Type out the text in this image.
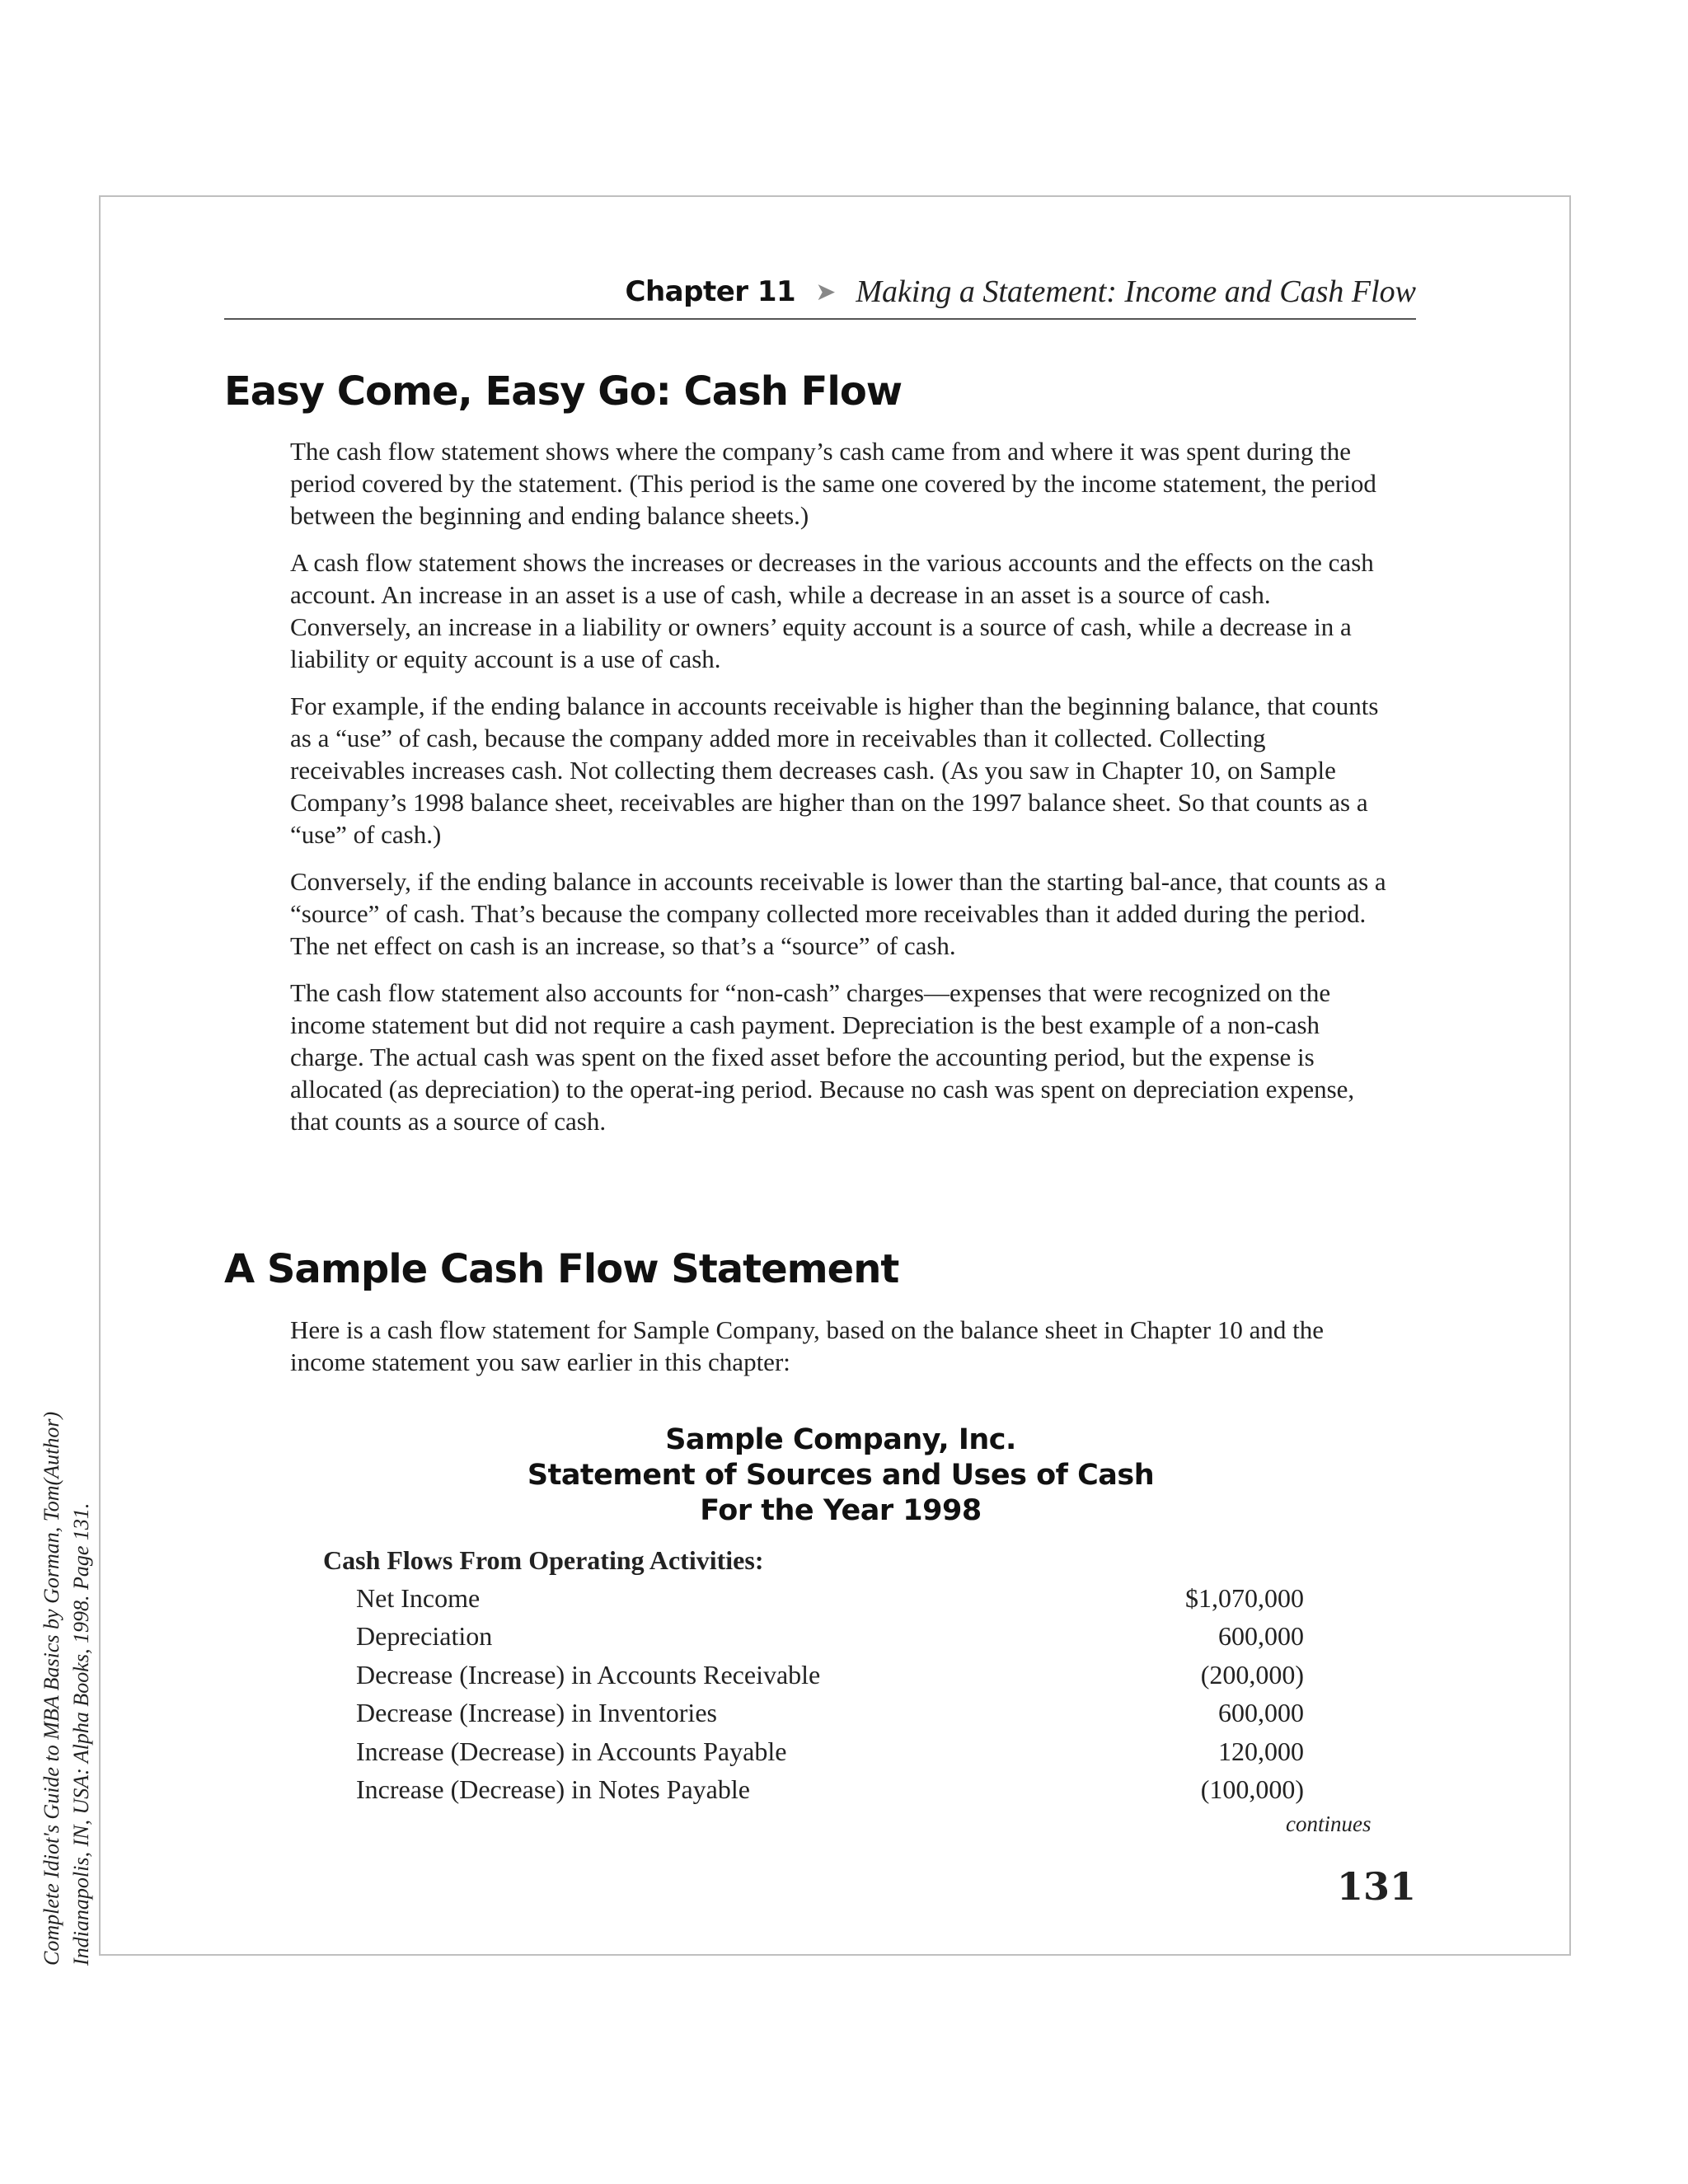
Complete Idiot's Guide to MBA Basics by Gorman, Tom(Author) Indianapolis, IN, USA: Alpha Books, 1998. Page 131.
Chapter 11 ➤ Making a Statement: Income and Cash Flow
Easy Come, Easy Go: Cash Flow

The cash flow statement shows where the company’s cash came from and where it was spent during the period covered by the statement. (This period is the same one covered by the income statement, the period between the beginning and ending balance sheets.)

A cash flow statement shows the increases or decreases in the various accounts and the effects on the cash account. An increase in an asset is a use of cash, while a decrease in an asset is a source of cash. Conversely, an increase in a liability or owners’ equity account is a source of cash, while a decrease in a liability or equity account is a use of cash.

For example, if the ending balance in accounts receivable is higher than the beginning balance, that counts as a “use” of cash, because the company added more in receivables than it collected. Collecting receivables increases cash. Not collecting them decreases cash. (As you saw in Chapter 10, on Sample Company’s 1998 balance sheet, receivables are higher than on the 1997 balance sheet. So that counts as a “use” of cash.)

Conversely, if the ending balance in accounts receivable is lower than the starting bal-ance, that counts as a “source” of cash. That’s because the company collected more receivables than it added during the period. The net effect on cash is an increase, so that’s a “source” of cash.

The cash flow statement also accounts for “non-cash” charges—expenses that were recognized on the income statement but did not require a cash payment. Depreciation is the best example of a non-cash charge. The actual cash was spent on the fixed asset before the accounting period, but the expense is allocated (as depreciation) to the operat-ing period. Because no cash was spent on depreciation expense, that counts as a source of cash.

A Sample Cash Flow Statement

Here is a cash flow statement for Sample Company, based on the balance sheet in Chapter 10 and the income statement you saw earlier in this chapter:

Sample Company, Inc.
Statement of Sources and Uses of Cash
For the Year 1998
Cash Flows From Operating Activities:
Net Income	$1,070,000
Depreciation	600,000
Decrease (Increase) in Accounts Receivable	(200,000)
Decrease (Increase) in Inventories	600,000
Increase (Decrease) in Accounts Payable	120,000
Increase (Decrease) in Notes Payable	(100,000)
continues
131
